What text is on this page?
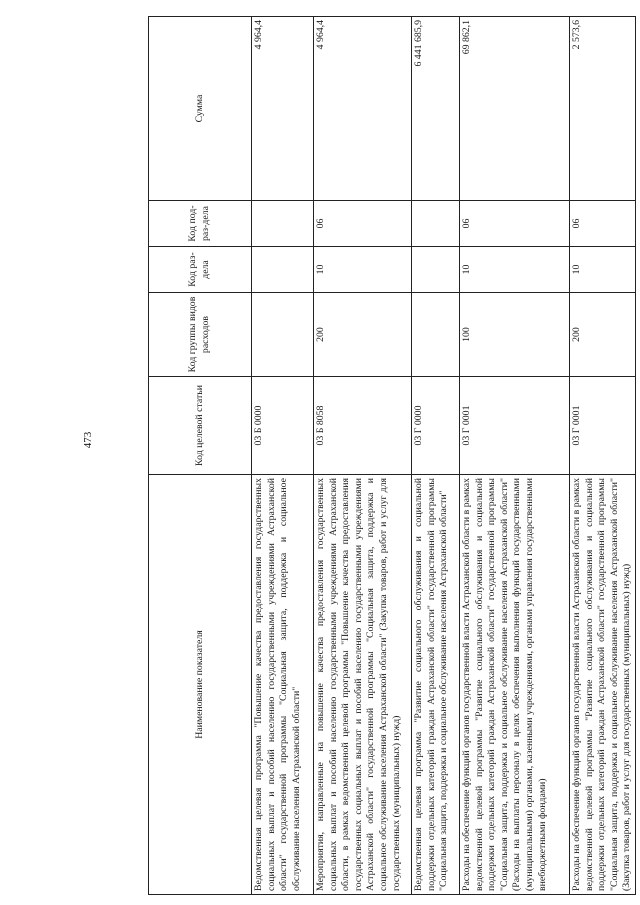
473
Наименование показателя	Код целевой статьи	Код группы видов расходов	Код раз-дела	Код под-раз-дела	Сумма
Ведомственная целевая программа "Повышение качества предоставления государственных социальных выплат и пособий населению государственными учреждениями Астраханской области" государственной программы "Социальная защита, поддержка и социальное обслуживание населения Астраханской области"	03 Б 0000				4 964,4
Мероприятия, направленные на повышение качества предоставления государственных социальных выплат и пособий населению государственными учреждениями Астраханской области, в рамках ведомственной целевой программы "Повышение качества предоставления государственных социальных выплат и пособий населению государственными учреждениями Астраханской области" государственной программы "Социальная защита, поддержка и социальное обслуживание населения Астраханской области" (Закупка товаров, работ и услуг для государственных (муниципальных) нужд)	03 Б 8058	200	10	06	4 964,4
Ведомственная целевая программа "Развитие социального обслуживания и социальной поддержки отдельных категорий граждан Астраханской области" государственной программы "Социальная защита, поддержка и социальное обслуживание населения Астраханской области"	03 Г 0000				6 441 685,9
Расходы на обеспечение функций органов государственной власти Астраханской области в рамках ведомственной целевой программы "Развитие социального обслуживания и социальной поддержки отдельных категорий граждан Астраханской области" государственной программы "Социальная защита, поддержка и социальное обслуживание населения Астраханской области" (Расходы на выплаты персоналу в целях обеспечения выполнения функций государственными (муниципальными) органами, казенными учреждениями, органами управления государственными внебюджетными фондами)	03 Г 0001	100	10	06	69 862,1
Расходы на обеспечение функций органов государственной власти Астраханской области в рамках ведомственной целевой программы "Развитие социального обслуживания и социальной поддержки отдельных категорий граждан Астраханской области" государственной программы "Социальная защита, поддержка и социальное обслуживание населения Астраханской области" (Закупка товаров, работ и услуг для государственных (муниципальных) нужд)	03 Г 0001	200	10	06	2 573,6
